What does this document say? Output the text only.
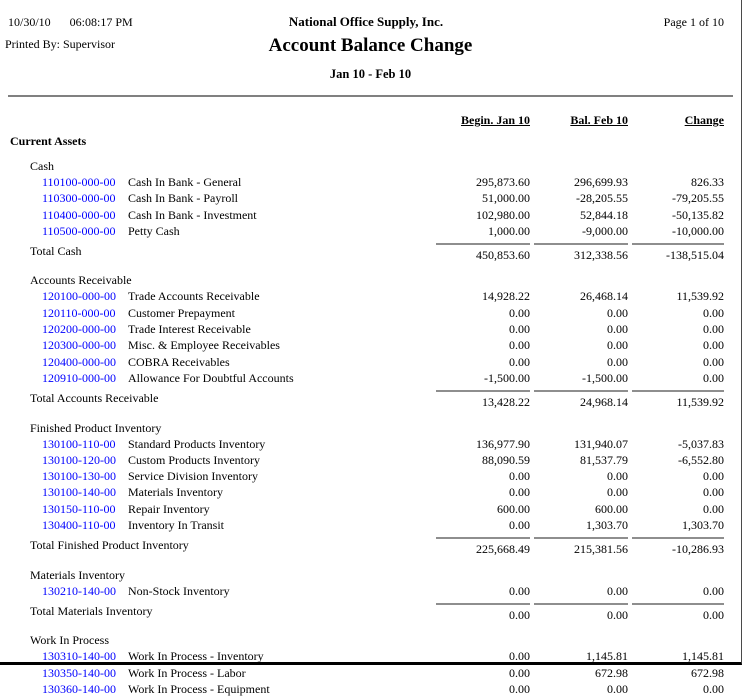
10/30/10 06:08:17 PM	National Office Supply, Inc.	Page 1 of 10
Printed By: Supervisor	Account Balance Change
Jan 10 - Feb 10
Begin. Jan 10	Bal. Feb 10	Change
Current Assets
Cash
110100-000-00	Cash In Bank - General	295,873.60	296,699.93	826.33
110300-000-00	Cash In Bank - Payroll	51,000.00	-28,205.55	-79,205.55
110400-000-00	Cash In Bank - Investment	102,980.00	52,844.18	-50,135.82
110500-000-00	Petty Cash	1,000.00	-9,000.00	-10,000.00
Total Cash	450,853.60	312,338.56	-138,515.04
Accounts Receivable
120100-000-00	Trade Accounts Receivable	14,928.22	26,468.14	11,539.92
120110-000-00	Customer Prepayment	0.00	0.00	0.00
120200-000-00	Trade Interest Receivable	0.00	0.00	0.00
120300-000-00	Misc. & Employee Receivables	0.00	0.00	0.00
120400-000-00	COBRA Receivables	0.00	0.00	0.00
120910-000-00	Allowance For Doubtful Accounts	-1,500.00	-1,500.00	0.00
Total Accounts Receivable	13,428.22	24,968.14	11,539.92
Finished Product Inventory
130100-110-00	Standard Products Inventory	136,977.90	131,940.07	-5,037.83
130100-120-00	Custom Products Inventory	88,090.59	81,537.79	-6,552.80
130100-130-00	Service Division Inventory	0.00	0.00	0.00
130100-140-00	Materials Inventory	0.00	0.00	0.00
130150-110-00	Repair Inventory	600.00	600.00	0.00
130400-110-00	Inventory In Transit	0.00	1,303.70	1,303.70
Total Finished Product Inventory	225,668.49	215,381.56	-10,286.93
Materials Inventory
130210-140-00	Non-Stock Inventory	0.00	0.00	0.00
Total Materials Inventory	0.00	0.00	0.00
Work In Process
130310-140-00	Work In Process - Inventory	0.00	1,145.81	1,145.81
130350-140-00	Work In Process - Labor	0.00	672.98	672.98
130360-140-00	Work In Process - Equipment	0.00	0.00	0.00
